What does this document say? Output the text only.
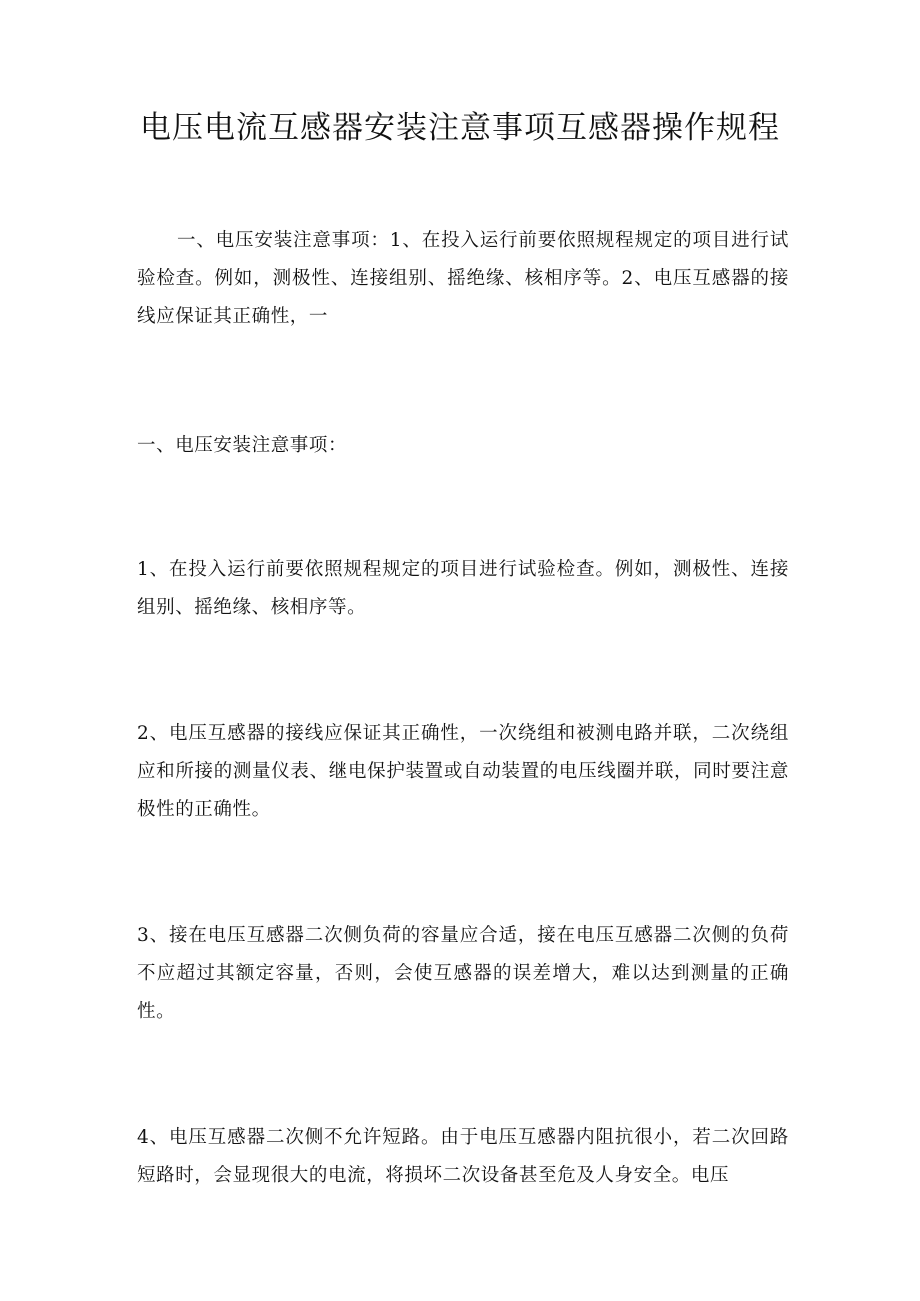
电压电流互感器安装注意事项互感器操作规程

一、电压安装注意事项：1、在投入运行前要依照规程规定的项目进行试验检查。例如，测极性、连接组别、摇绝缘、核相序等。2、电压互感器的接线应保证其正确性，一

一、电压安装注意事项：

1、在投入运行前要依照规程规定的项目进行试验检查。例如，测极性、连接组别、摇绝缘、核相序等。

2、电压互感器的接线应保证其正确性，一次绕组和被测电路并联，二次绕组应和所接的测量仪表、继电保护装置或自动装置的电压线圈并联，同时要注意极性的正确性。

3、接在电压互感器二次侧负荷的容量应合适，接在电压互感器二次侧的负荷不应超过其额定容量，否则，会使互感器的误差增大，难以达到测量的正确性。

4、电压互感器二次侧不允许短路。由于电压互感器内阻抗很小，若二次回路短路时，会显现很大的电流，将损坏二次设备甚至危及人身安全。电压
